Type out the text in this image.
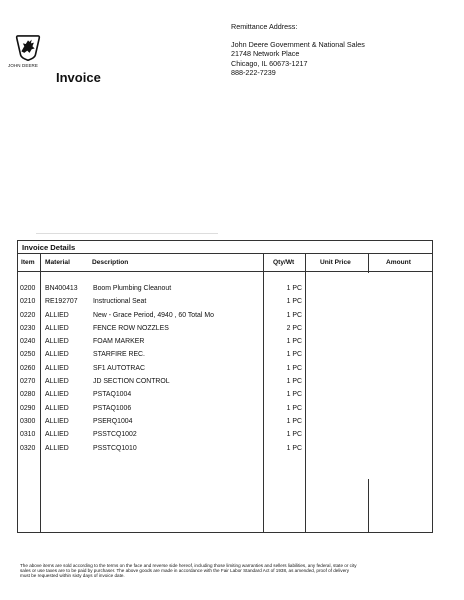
JOHN DEERE
Invoice
Remittance Address:
John Deere Government & National Sales
21748 Network Place
Chicago, IL 60673-1217
888-222-7239
Invoice Details
Item Material	Description	Qty/Wt	Unit Price	Amount
0200 BN400413 Boom Plumbing Cleanout	1 PC
0210 RE192707 Instructional Seat	1 PC
0220 ALLIED	New - Grace Period, 4940 , 60 Total Mo	1 PC
0230 ALLIED	FENCE ROW NOZZLES	2 PC
0240 ALLIED	FOAM MARKER	1 PC
0250 ALLIED	STARFIRE REC.	1 PC
0260 ALLIED	SF1 AUTOTRAC	1 PC
0270 ALLIED	JD SECTION CONTROL	1 PC
0280 ALLIED	PSTAQ1004	1 PC
0290 ALLIED	PSTAQ1006	1 PC
0300 ALLIED	PSERQ1004	1 PC
0310 ALLIED	PSSTCQ1002	1 PC
0320 ALLIED	PSSTCQ1010	1 PC
The above items are sold according to the terms on the face and reverse side hereof, including those limiting warranties and sellers liabilities, any federal, state or city sales or use taxes are to be paid by purchaser. The above goods are made in accordance with the Fair Labor Standard Act of 1938, as amended, proof of delivery must be requested within sixty days of invoice date.
